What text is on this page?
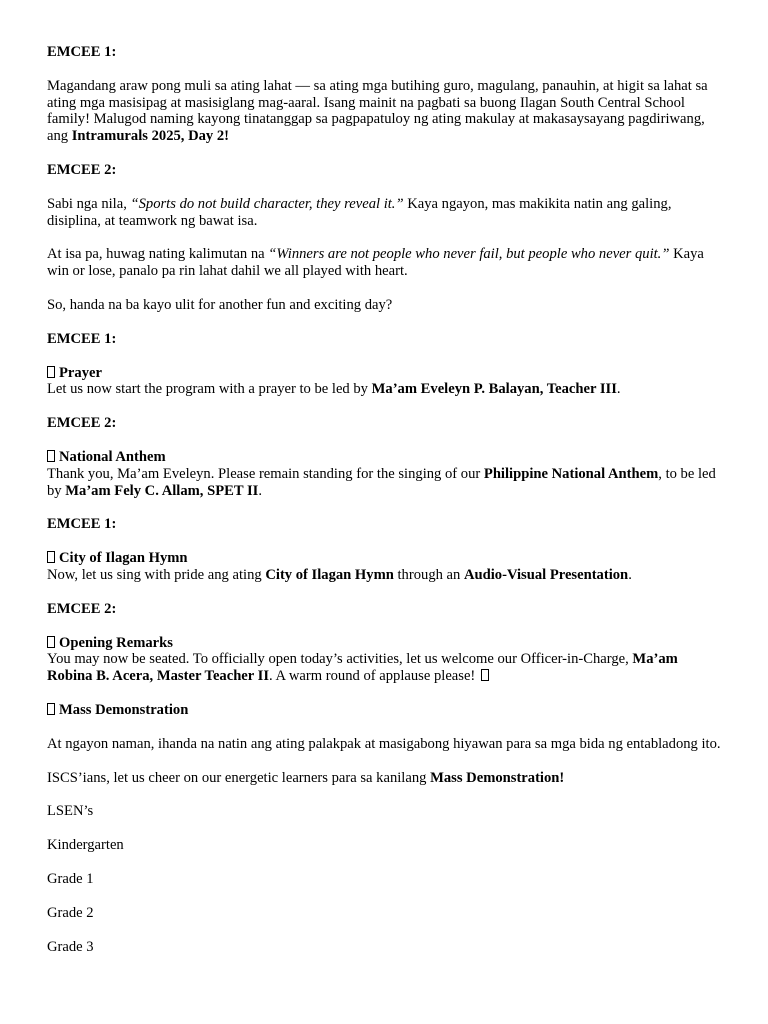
EMCEE 1:

Magandang araw pong muli sa ating lahat — sa ating mga butihing guro, magulang, panauhin, at higit sa lahat sa ating mga masisipag at masisiglang mag-aaral. Isang mainit na pagbati sa buong Ilagan South Central School family! Malugod naming kayong tinatanggap sa pagpapatuloy ng ating makulay at makasaysayang pagdiriwang, ang Intramurals 2025, Day 2!

EMCEE 2:

Sabi nga nila, “Sports do not build character, they reveal it.” Kaya ngayon, mas makikita natin ang galing, disiplina, at teamwork ng bawat isa.

At isa pa, huwag nating kalimutan na “Winners are not people who never fail, but people who never quit.” Kaya win or lose, panalo pa rin lahat dahil we all played with heart.

So, handa na ba kayo ulit for another fun and exciting day?

EMCEE 1:

Prayer
Let us now start the program with a prayer to be led by Ma’am Eveleyn P. Balayan, Teacher III.

EMCEE 2:

National Anthem
Thank you, Ma’am Eveleyn. Please remain standing for the singing of our Philippine National Anthem, to be led by Ma’am Fely C. Allam, SPET II.

EMCEE 1:

City of Ilagan Hymn
Now, let us sing with pride ang ating City of Ilagan Hymn through an Audio-Visual Presentation.

EMCEE 2:

Opening Remarks
You may now be seated. To officially open today’s activities, let us welcome our Officer-in-Charge, Ma’am Robina B. Acera, Master Teacher II. A warm round of applause please!

Mass Demonstration

At ngayon naman, ihanda na natin ang ating palakpak at masigabong hiyawan para sa mga bida ng entabladong ito.

ISCS’ians, let us cheer on our energetic learners para sa kanilang Mass Demonstration!

LSEN’s

Kindergarten

Grade 1

Grade 2

Grade 3
